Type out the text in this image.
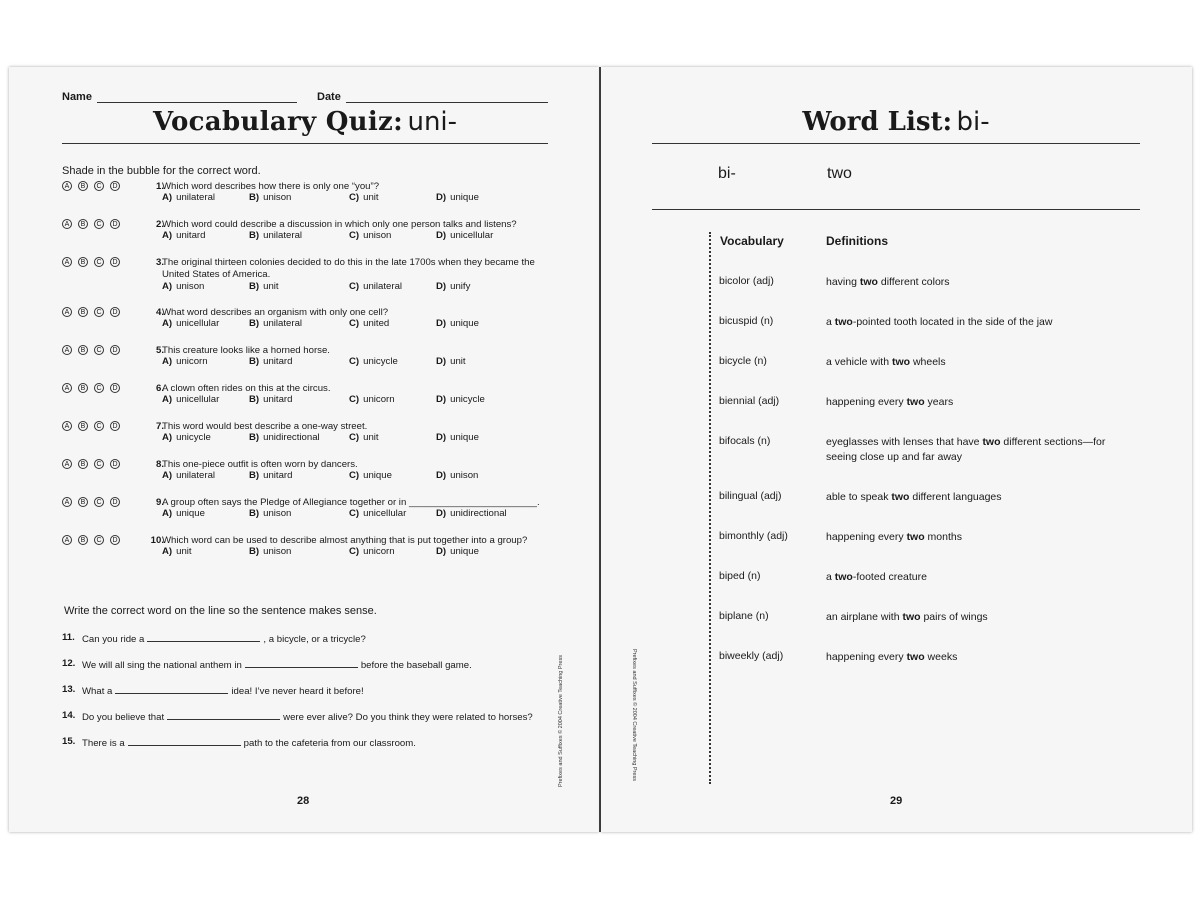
Name	Date
Vocabulary Quiz: uni-
Shade in the bubble for the correct word.
A B C D	1.
Which word describes how there is only one “you”?
A) unilateral	B) unison	C) unit	D) unique
A B C D	2.
Which word could describe a discussion in which only one person talks and listens?
A) unitard	B) unilateral	C) unison	D) unicellular
A B C D	3.
The original thirteen colonies decided to do this in the late 1700s when they became the United States of America.
A) unison	B) unit	C) unilateral	D) unify
A B C D	4.
What word describes an organism with only one cell?
A) unicellular	B) unilateral	C) united	D) unique
A B C D	5.
This creature looks like a horned horse.
A) unicorn	B) unitard	C) unicycle	D) unit
A B C D	6.
A clown often rides on this at the circus.
A) unicellular	B) unitard	C) unicorn	D) unicycle
A B C D	7.
This word would best describe a one-way street.
A) unicycle	B) unidirectional	C) unit	D) unique
A B C D	8.
This one-piece outfit is often worn by dancers.
A) unilateral	B) unitard	C) unique	D) unison
A B C D	9.
A group often says the Pledge of Allegiance together or in ________________________.
A) unique	B) unison	C) unicellular	D) unidirectional
A B C D	10.
Which word can be used to describe almost anything that is put together into a group?
A) unit	B) unison	C) unicorn	D) unique
Write the correct word on the line so the sentence makes sense.
11. Can you ride a	, a bicycle, or a tricycle?
12. We will all sing the national anthem in	before the baseball game.
13. What a	idea! I’ve never heard it before!
14. Do you believe that	were ever alive? Do you think they were related to horses?
15. There is a	path to the cafeteria from our classroom.
28
Prefixes and Suffixes © 2004 Creative Teaching Press	Prefixes and Suffixes © 2004 Creative Teaching Press
Word List: bi-
bi-	two
Vocabulary	Definitions
bicolor (adj)	having two different colors
bicuspid (n)	a two-pointed tooth located in the side of the jaw
bicycle (n)	a vehicle with two wheels
biennial (adj)	happening every two years
bifocals (n)	eyeglasses with lenses that have two different sections—for seeing close up and far away
bilingual (adj)	able to speak two different languages
bimonthly (adj)	happening every two months
biped (n)	a two-footed creature
biplane (n)	an airplane with two pairs of wings
biweekly (adj)	happening every two weeks
29
